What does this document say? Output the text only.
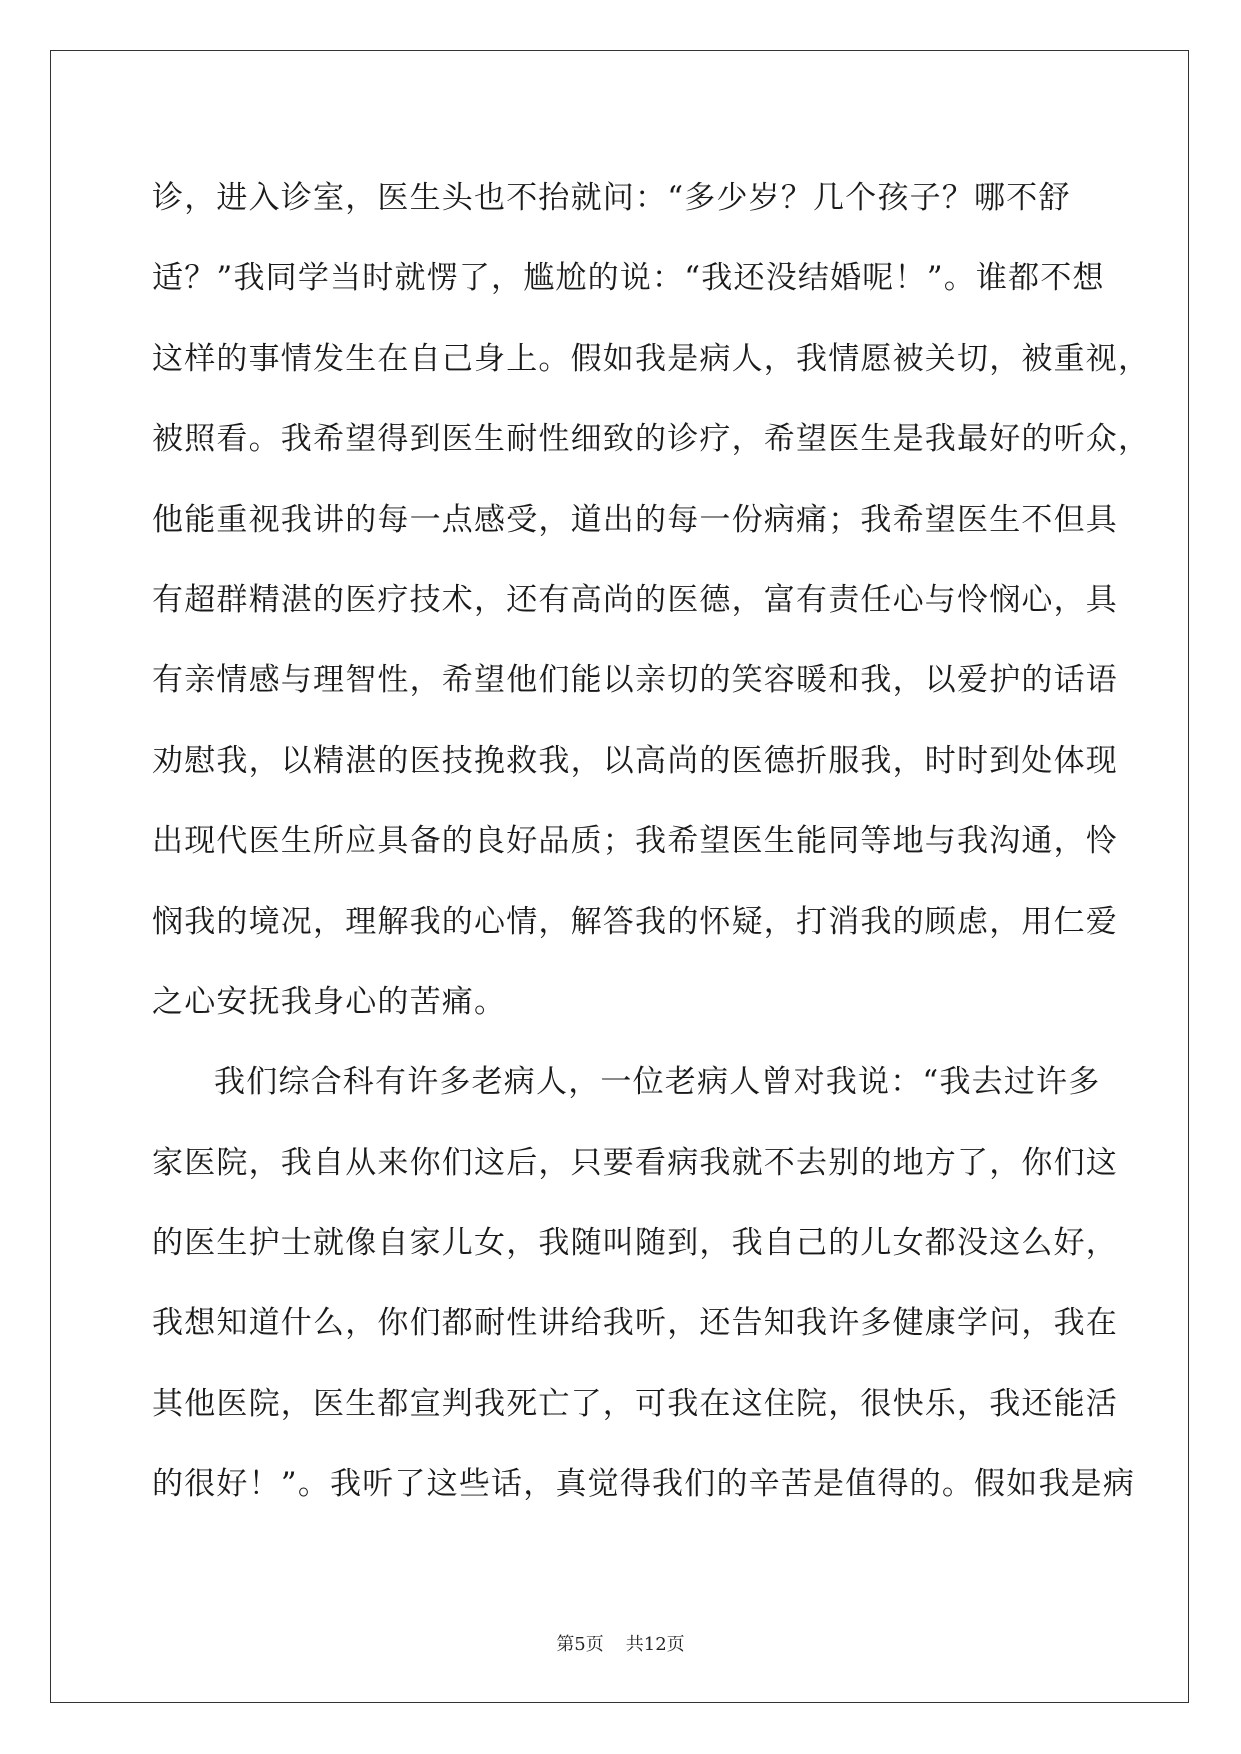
诊，进入诊室，医生头也不抬就问：“多少岁？几个孩子？哪不舒
适？”我同学当时就愣了，尴尬的说：“我还没结婚呢！”。谁都不想
这样的事情发生在自己身上。假如我是病人，我情愿被关切，被重视，
被照看。我希望得到医生耐性细致的诊疗，希望医生是我最好的听众，
他能重视我讲的每一点感受，道出的每一份病痛；我希望医生不但具
有超群精湛的医疗技术，还有高尚的医德，富有责任心与怜悯心，具
有亲情感与理智性，希望他们能以亲切的笑容暖和我，以爱护的话语
劝慰我，以精湛的医技挽救我，以高尚的医德折服我，时时到处体现
出现代医生所应具备的良好品质；我希望医生能同等地与我沟通，怜
悯我的境况，理解我的心情，解答我的怀疑，打消我的顾虑，用仁爱
之心安抚我身心的苦痛。
我们综合科有许多老病人，一位老病人曾对我说：“我去过许多
家医院，我自从来你们这后，只要看病我就不去别的地方了，你们这
的医生护士就像自家儿女，我随叫随到，我自己的儿女都没这么好，
我想知道什么，你们都耐性讲给我听，还告知我许多健康学问，我在
其他医院，医生都宣判我死亡了，可我在这住院，很快乐，我还能活
的很好！”。我听了这些话，真觉得我们的辛苦是值得的。假如我是病
第5页 共12页
